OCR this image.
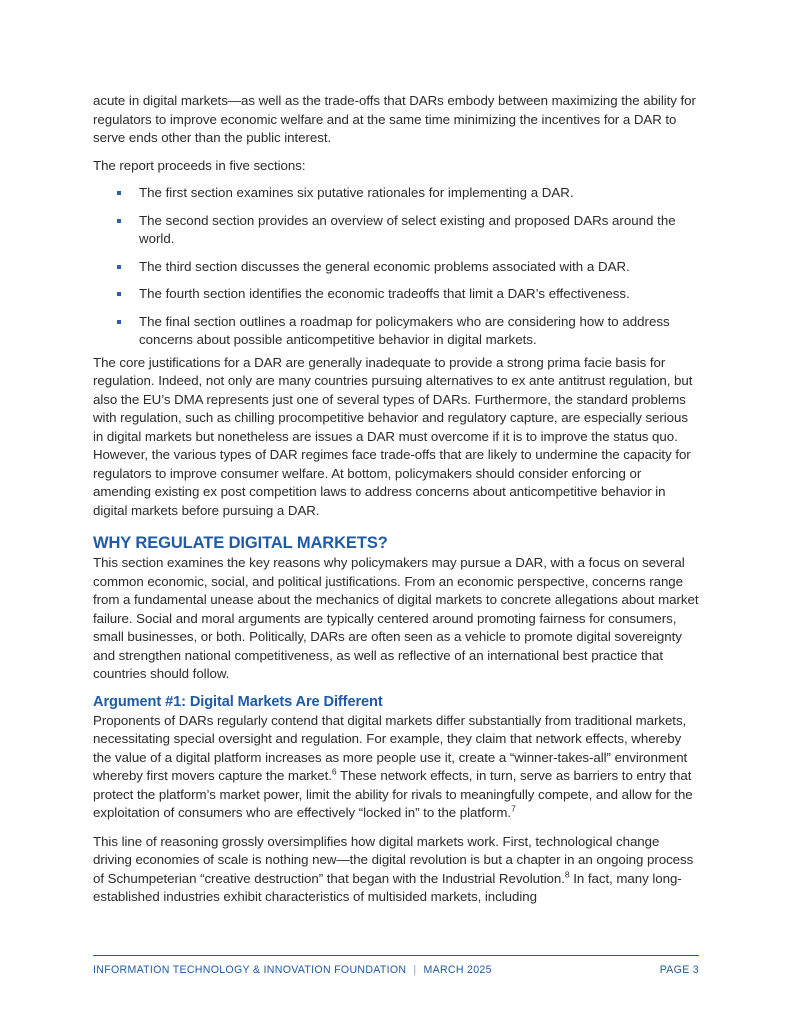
acute in digital markets—as well as the trade-offs that DARs embody between maximizing the ability for regulators to improve economic welfare and at the same time minimizing the incentives for a DAR to serve ends other than the public interest.

The report proceeds in five sections:

The first section examines six putative rationales for implementing a DAR.
The second section provides an overview of select existing and proposed DARs around the world.
The third section discusses the general economic problems associated with a DAR.
The fourth section identifies the economic tradeoffs that limit a DAR’s effectiveness.
The final section outlines a roadmap for policymakers who are considering how to address concerns about possible anticompetitive behavior in digital markets.

The core justifications for a DAR are generally inadequate to provide a strong prima facie basis for regulation. Indeed, not only are many countries pursuing alternatives to ex ante antitrust regulation, but also the EU’s DMA represents just one of several types of DARs. Furthermore, the standard problems with regulation, such as chilling procompetitive behavior and regulatory capture, are especially serious in digital markets but nonetheless are issues a DAR must overcome if it is to improve the status quo. However, the various types of DAR regimes face trade-offs that are likely to undermine the capacity for regulators to improve consumer welfare. At bottom, policymakers should consider enforcing or amending existing ex post competition laws to address concerns about anticompetitive behavior in digital markets before pursuing a DAR.

WHY REGULATE DIGITAL MARKETS?

This section examines the key reasons why policymakers may pursue a DAR, with a focus on several common economic, social, and political justifications. From an economic perspective, concerns range from a fundamental unease about the mechanics of digital markets to concrete allegations about market failure. Social and moral arguments are typically centered around promoting fairness for consumers, small businesses, or both. Politically, DARs are often seen as a vehicle to promote digital sovereignty and strengthen national competitiveness, as well as reflective of an international best practice that countries should follow.

Argument #1: Digital Markets Are Different

Proponents of DARs regularly contend that digital markets differ substantially from traditional markets, necessitating special oversight and regulation. For example, they claim that network effects, whereby the value of a digital platform increases as more people use it, create a “winner-takes-all” environment whereby first movers capture the market.$^6$ These network effects, in turn, serve as barriers to entry that protect the platform’s market power, limit the ability for rivals to meaningfully compete, and allow for the exploitation of consumers who are effectively “locked in” to the platform.$^7$

This line of reasoning grossly oversimplifies how digital markets work. First, technological change driving economies of scale is nothing new—the digital revolution is but a chapter in an ongoing process of Schumpeterian “creative destruction” that began with the Industrial Revolution.$^8$ In fact, many long-established industries exhibit characteristics of multisided markets, including

INFORMATION TECHNOLOGY & INNOVATION FOUNDATION | MARCH 2025	PAGE 3
